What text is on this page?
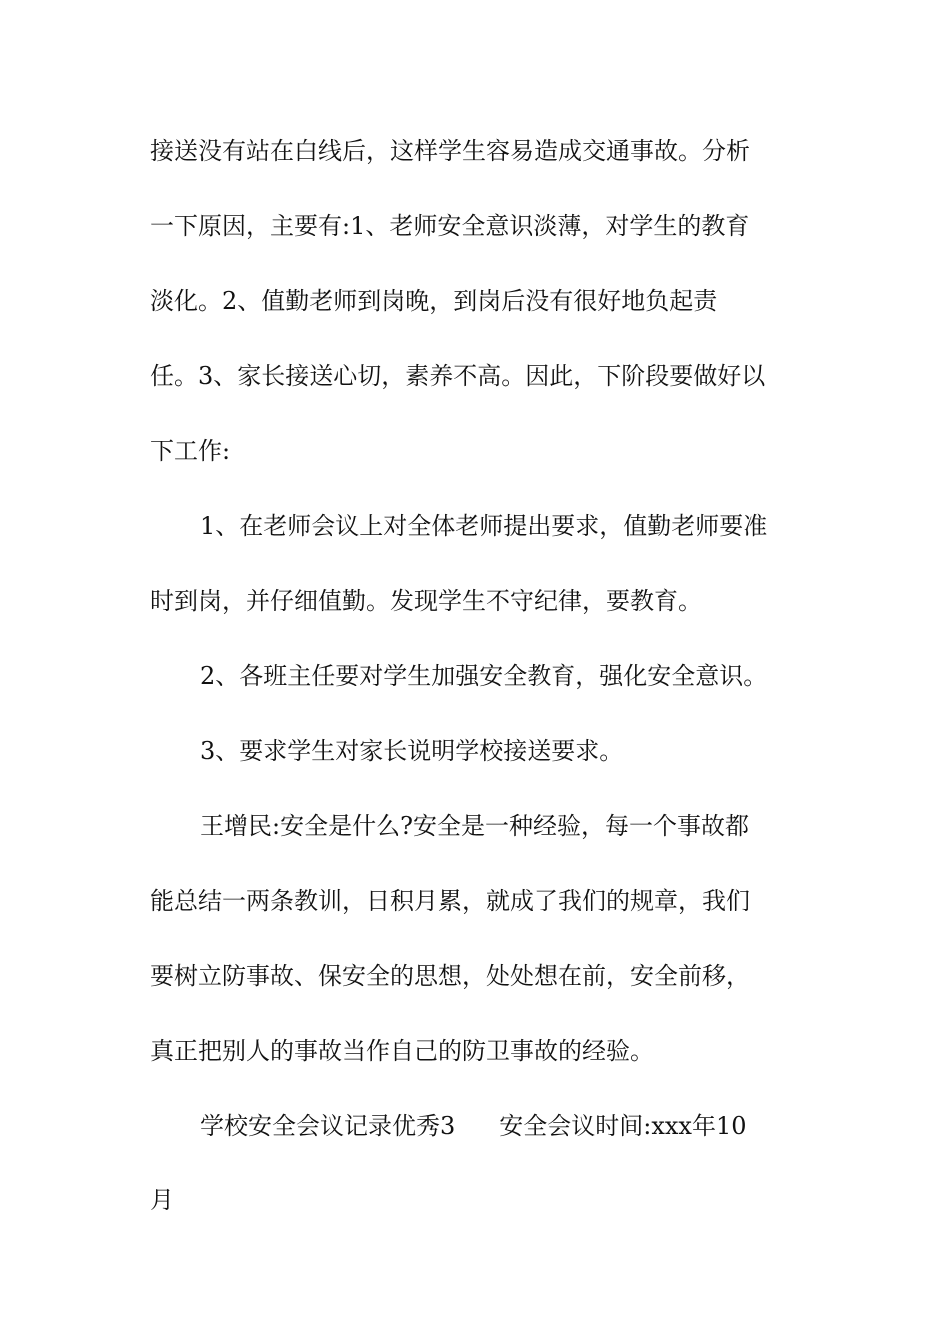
接送没有站在白线后，这样学生容易造成交通事故。分析

一下原因，主要有:1、老师安全意识淡薄，对学生的教育

淡化。2、值勤老师到岗晚，到岗后没有很好地负起责

任。3、家长接送心切，素养不高。因此，下阶段要做好以

下工作:

1、在老师会议上对全体老师提出要求，值勤老师要准

时到岗，并仔细值勤。发现学生不守纪律，要教育。

2、各班主任要对学生加强安全教育，强化安全意识。

3、要求学生对家长说明学校接送要求。

王增民:安全是什么?安全是一种经验，每一个事故都

能总结一两条教训，日积月累，就成了我们的规章，我们

要树立防事故、保安全的思想，处处想在前，安全前移，

真正把别人的事故当作自己的防卫事故的经验。

学校安全会议记录优秀3 安全会议时间:xxx年10

月
